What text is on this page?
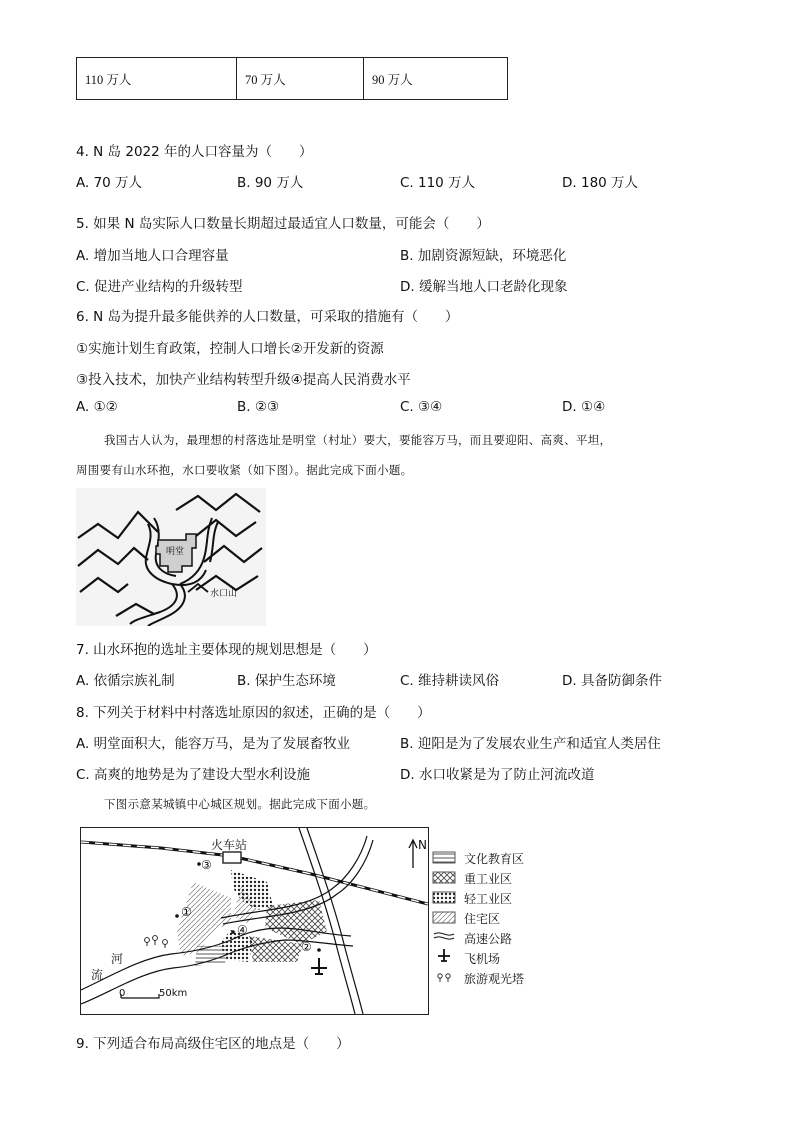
110 万人	70 万人	90 万人
4. N 岛 2022 年的人口容量为（　　）
A. 70 万人	B. 90 万人	C. 110 万人	D. 180 万人
5. 如果 N 岛实际人口数量长期超过最适宜人口数量，可能会（　　）
A. 增加当地人口合理容量	B. 加剧资源短缺，环境恶化
C. 促进产业结构的升级转型	D. 缓解当地人口老龄化现象
6. N 岛为提升最多能供养的人口数量，可采取的措施有（　　）
①实施计划生育政策，控制人口增长②开发新的资源
③投入技术，加快产业结构转型升级④提高人民消费水平
A. ①②	B. ②③	C. ③④	D. ①④
我国古人认为，最理想的村落选址是明堂（村址）要大，要能容万马，而且要迎阳、高爽、平坦，
周围要有山水环抱，水口要收紧（如下图）。据此完成下面小题。
明堂
水口山
7. 山水环抱的选址主要体现的规划思想是（　　）
A. 依循宗族礼制	B. 保护生态环境	C. 维持耕读风俗	D. 具备防御条件
8. 下列关于材料中村落选址原因的叙述，正确的是（　　）
A. 明堂面积大，能容万马，是为了发展畜牧业	B. 迎阳是为了发展农业生产和适宜人类居住
C. 高爽的地势是为了建设大型水利设施	D. 水口收紧是为了防止河流改道
下图示意某城镇中心城区规划。据此完成下面小题。
火车站	N
③
①
④
②
河
流
0	50km
文化教育区
重工业区
轻工业区
住宅区
高速公路
飞机场
旅游观光塔
9. 下列适合布局高级住宅区的地点是（　　）
